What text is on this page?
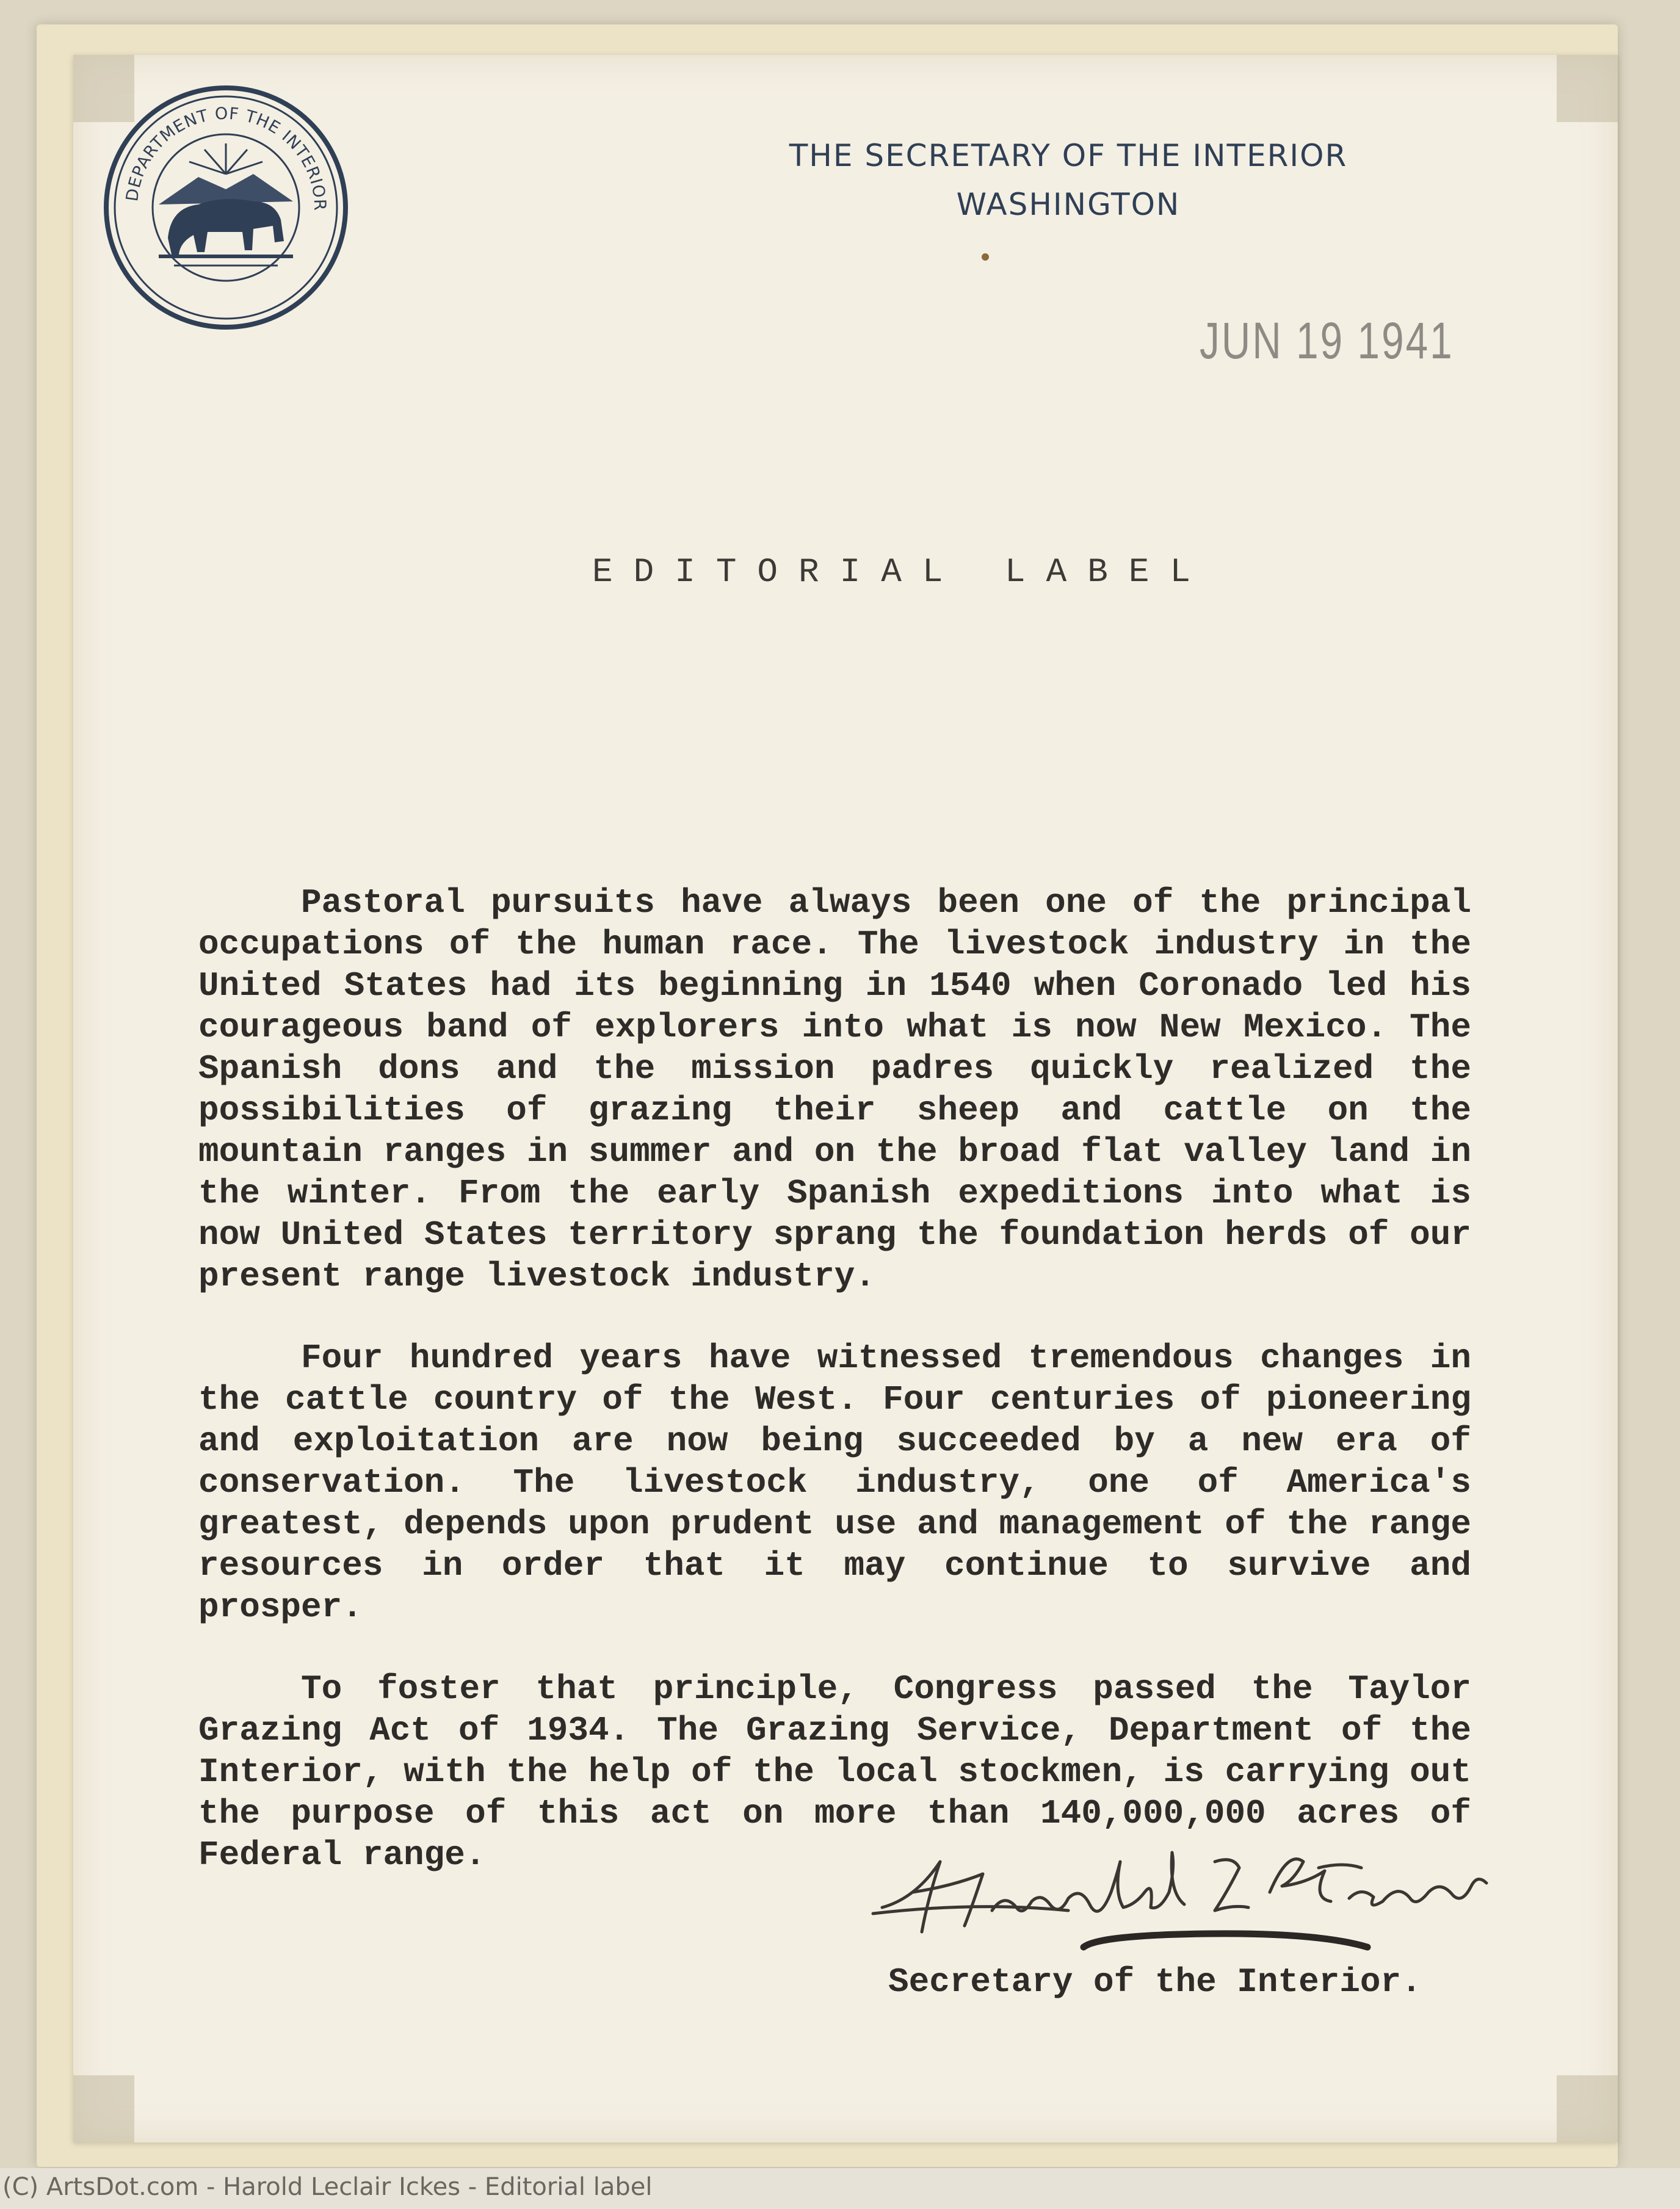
DEPARTMENT OF THE INTERIOR
THE SECRETARY OF THE INTERIOR
WASHINGTON
JUN 19 1941
EDITORIAL LABEL

Pastoral pursuits have always been one of the principal occupations of the human race. The livestock industry in the United States had its beginning in 1540 when Coronado led his courageous band of explorers into what is now New Mexico. The Spanish dons and the mission padres quickly realized the possibilities of grazing their sheep and cattle on the mountain ranges in summer and on the broad flat valley land in the winter. From the early Spanish expeditions into what is now United States territory sprang the foundation herds of our present range livestock industry.

Four hundred years have witnessed tremendous changes in the cattle country of the West. Four centuries of pioneering and exploitation are now being succeeded by a new era of conservation. The livestock industry, one of America's greatest, depends upon prudent use and management of the range resources in order that it may continue to survive and prosper.

To foster that principle, Congress passed the Taylor Grazing Act of 1934. The Grazing Service, Department of the Interior, with the help of the local stockmen, is carrying out the purpose of this act on more than 140,000,000 acres of Federal range.

Secretary of the Interior.
(C) ArtsDot.com - Harold Leclair Ickes - Editorial label
